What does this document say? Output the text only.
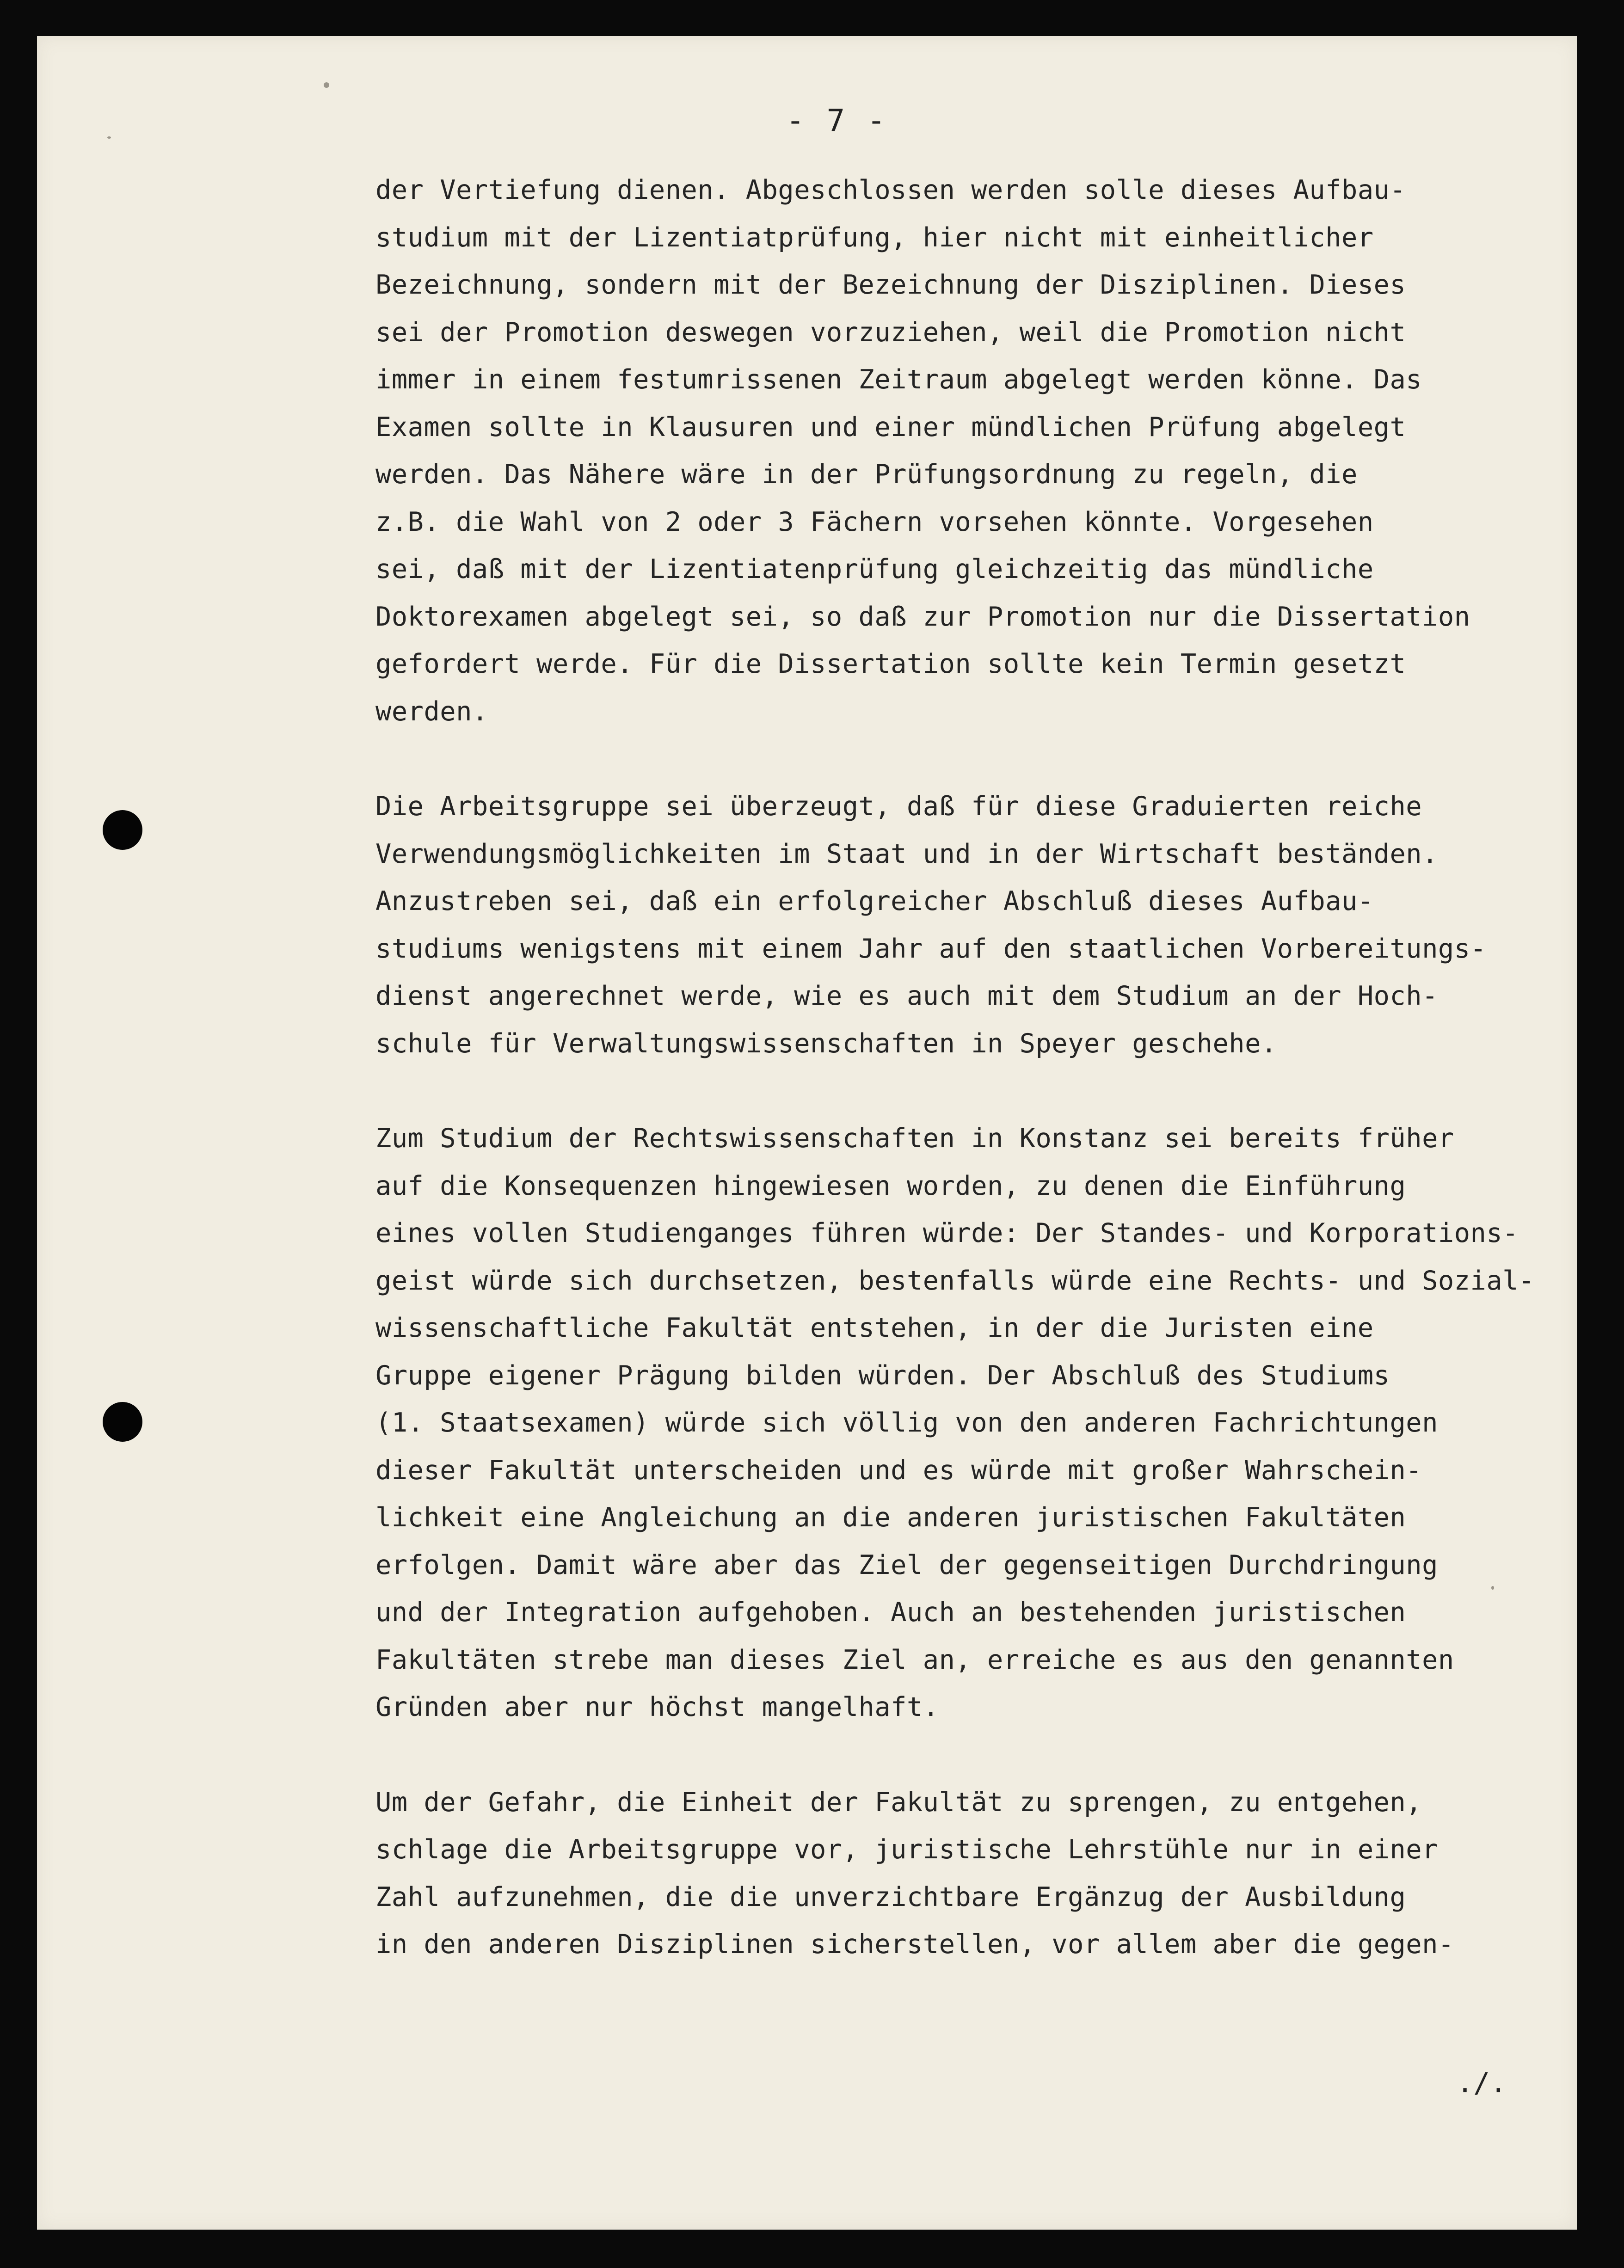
- 7 -

der Vertiefung dienen. Abgeschlossen werden solle dieses Aufbau-
studium mit der Lizentiatprüfung, hier nicht mit einheitlicher
Bezeichnung, sondern mit der Bezeichnung der Disziplinen. Dieses
sei der Promotion deswegen vorzuziehen, weil die Promotion nicht
immer in einem festumrissenen Zeitraum abgelegt werden könne. Das
Examen sollte in Klausuren und einer mündlichen Prüfung abgelegt
werden. Das Nähere wäre in der Prüfungsordnung zu regeln, die
z.B. die Wahl von 2 oder 3 Fächern vorsehen könnte. Vorgesehen
sei, daß mit der Lizentiatenprüfung gleichzeitig das mündliche
Doktorexamen abgelegt sei, so daß zur Promotion nur die Dissertation
gefordert werde. Für die Dissertation sollte kein Termin gesetzt
werden.

Die Arbeitsgruppe sei überzeugt, daß für diese Graduierten reiche
Verwendungsmöglichkeiten im Staat und in der Wirtschaft beständen.
Anzustreben sei, daß ein erfolgreicher Abschluß dieses Aufbau-
studiums wenigstens mit einem Jahr auf den staatlichen Vorbereitungs-
dienst angerechnet werde, wie es auch mit dem Studium an der Hoch-
schule für Verwaltungswissenschaften in Speyer geschehe.

Zum Studium der Rechtswissenschaften in Konstanz sei bereits früher
auf die Konsequenzen hingewiesen worden, zu denen die Einführung
eines vollen Studienganges führen würde: Der Standes- und Korporations-
geist würde sich durchsetzen, bestenfalls würde eine Rechts- und Sozial-
wissenschaftliche Fakultät entstehen, in der die Juristen eine
Gruppe eigener Prägung bilden würden. Der Abschluß des Studiums
(1. Staatsexamen) würde sich völlig von den anderen Fachrichtungen
dieser Fakultät unterscheiden und es würde mit großer Wahrschein-
lichkeit eine Angleichung an die anderen juristischen Fakultäten
erfolgen. Damit wäre aber das Ziel der gegenseitigen Durchdringung
und der Integration aufgehoben. Auch an bestehenden juristischen
Fakultäten strebe man dieses Ziel an, erreiche es aus den genannten
Gründen aber nur höchst mangelhaft.

Um der Gefahr, die Einheit der Fakultät zu sprengen, zu entgehen,
schlage die Arbeitsgruppe vor, juristische Lehrstühle nur in einer
Zahl aufzunehmen, die die unverzichtbare Ergänzug der Ausbildung
in den anderen Disziplinen sicherstellen, vor allem aber die gegen-

./.
